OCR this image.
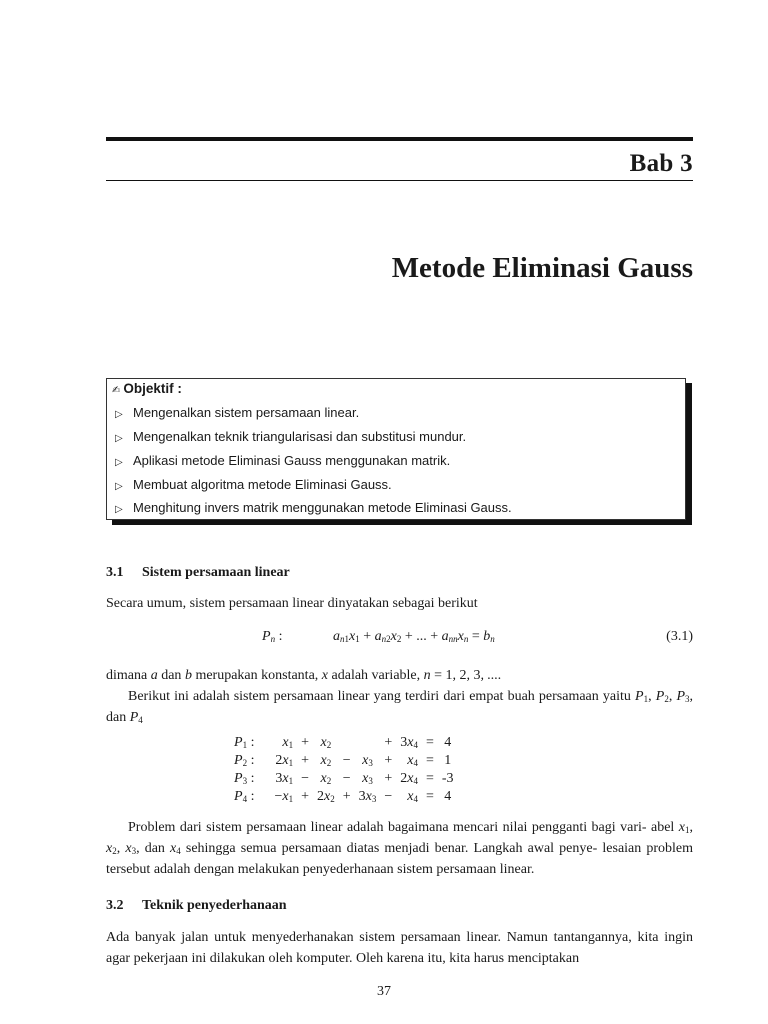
Bab 3
Metode Eliminasi Gauss
✍ Objektif :
▷ Mengenalkan sistem persamaan linear.
▷ Mengenalkan teknik triangularisasi dan substitusi mundur.
▷ Aplikasi metode Eliminasi Gauss menggunakan matrik.
▷ Membuat algoritma metode Eliminasi Gauss.
▷ Menghitung invers matrik menggunakan metode Eliminasi Gauss.
3.1 Sistem persamaan linear
Secara umum, sistem persamaan linear dinyatakan sebagai berikut
$P_n$ :	$a_{n1}x_1 + a_{n2}x_2$ + ... + $a_{nn}x_n = b_n$	(3.1)
dimana a dan b merupakan konstanta, x adalah variable, n = 1, 2, 3, ....
Berikut ini adalah sistem persamaan linear yang terdiri dari empat buah persamaan yaitu $P_1$, $P_2$, $P_3$, dan $P_4$
$P_1$ :	$x_1$	+	$x_2$			+	$3x_4$	=	4
$P_2$ :	$2x_1$	+	$x_2$	−	$x_3$	+	$x_4$	=	1
$P_3$ :	$3x_1$	−	$x_2$	−	$x_3$	+	$2x_4$	=	-3
$P_4$ :	$-x_1$	+	$2x_2$	+	$3x_3$	−	$x_4$	=	4
Problem dari sistem persamaan linear adalah bagaimana mencari nilai pengganti bagi vari- abel $x_1$, $x_2$, $x_3$, dan $x_4$ sehingga semua persamaan diatas menjadi benar. Langkah awal penye- lesaian problem tersebut adalah dengan melakukan penyederhanaan sistem persamaan linear.
3.2 Teknik penyederhanaan
Ada banyak jalan untuk menyederhanakan sistem persamaan linear. Namun tantangannya, kita ingin agar pekerjaan ini dilakukan oleh komputer. Oleh karena itu, kita harus menciptakan
37
